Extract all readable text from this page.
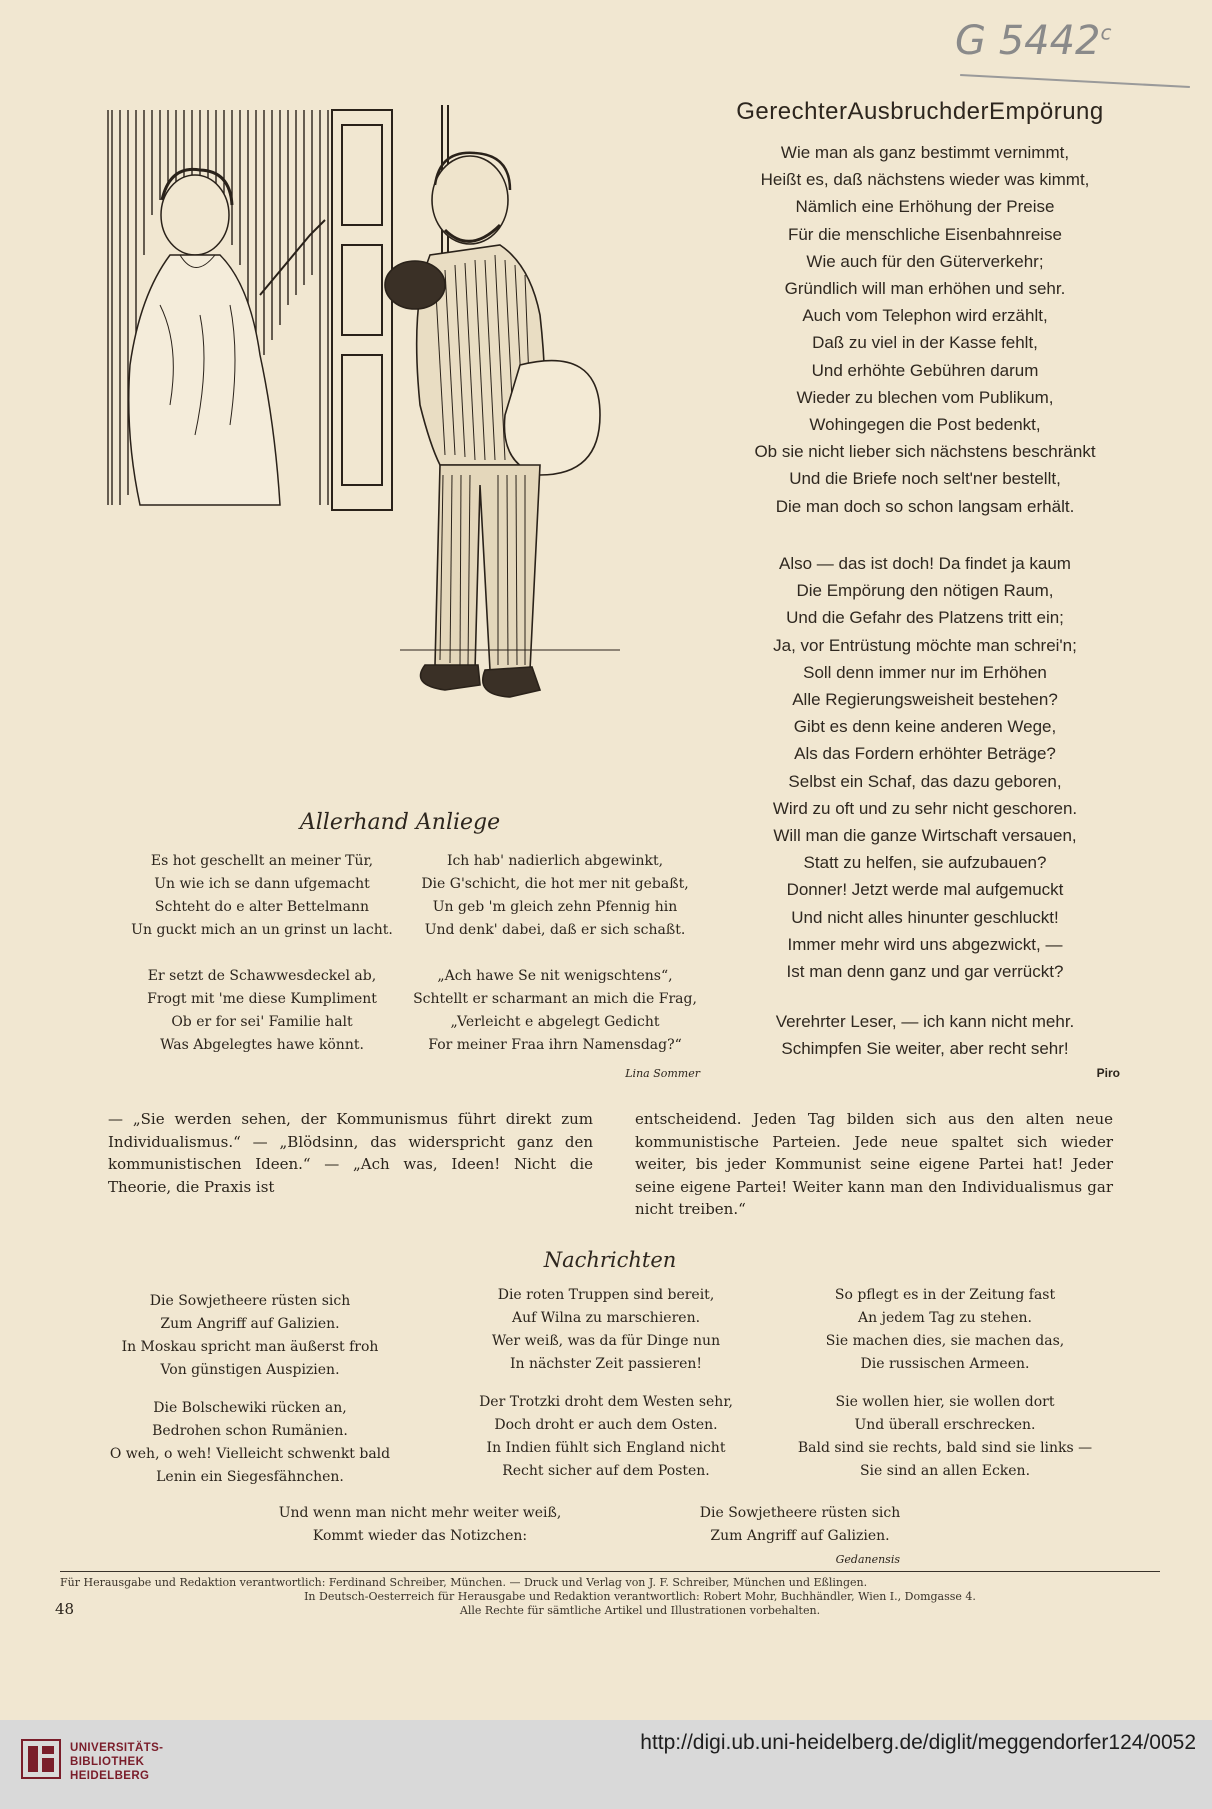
G 5442$^c$
GerechterAusbruchderEmpörung
Wie man als ganz bestimmt vernimmt,
Heißt es, daß nächstens wieder was kimmt,
Nämlich eine Erhöhung der Preise
Für die menschliche Eisenbahnreise
Wie auch für den Güterverkehr;
Gründlich will man erhöhen und sehr.
Auch vom Telephon wird erzählt,
Daß zu viel in der Kasse fehlt,
Und erhöhte Gebühren darum
Wieder zu blechen vom Publikum,
Wohingegen die Post bedenkt,
Ob sie nicht lieber sich nächstens beschränkt
Und die Briefe noch selt'ner bestellt,
Die man doch so schon langsam erhält.
Also — das ist doch! Da findet ja kaum
Die Empörung den nötigen Raum,
Und die Gefahr des Platzens tritt ein;
Ja, vor Entrüstung möchte man schrei'n;
Soll denn immer nur im Erhöhen
Alle Regierungsweisheit bestehen?
Gibt es denn keine anderen Wege,
Als das Fordern erhöhter Beträge?
Selbst ein Schaf, das dazu geboren,
Wird zu oft und zu sehr nicht geschoren.
Will man die ganze Wirtschaft versauen,
Statt zu helfen, sie aufzubauen?
Donner! Jetzt werde mal aufgemuckt
Und nicht alles hinunter geschluckt!
Immer mehr wird uns abgezwickt, —
Ist man denn ganz und gar verrückt?
Verehrter Leser, — ich kann nicht mehr.
Schimpfen Sie weiter, aber recht sehr!
Piro
Allerhand Anliege
Es hot geschellt an meiner Tür,
Un wie ich se dann ufgemacht
Schteht do e alter Bettelmann
Un guckt mich an un grinst un lacht.
Er setzt de Schawwesdeckel ab,
Frogt mit 'me diese Kumpliment
Ob er for sei' Familie halt
Was Abgelegtes hawe könnt.
Ich hab' nadierlich abgewinkt,
Die G'schicht, die hot mer nit gebaßt,
Un geb 'm gleich zehn Pfennig hin
Und denk' dabei, daß er sich schaßt.
„Ach hawe Se nit wenigschtens“,
Schtellt er scharmant an mich die Frag,
„Verleicht e abgelegt Gedicht
For meiner Fraa ihrn Namensdag?“
Lina Sommer
— „Sie werden sehen, der Kommunismus führt direkt zum Individualismus.“ — „Blödsinn, das widerspricht ganz den kommunistischen Ideen.“ — „Ach was, Ideen! Nicht die Theorie, die Praxis ist
entscheidend. Jeden Tag bilden sich aus den alten neue kommunistische Parteien. Jede neue spaltet sich wieder weiter, bis jeder Kommunist seine eigene Partei hat! Jeder seine eigene Partei! Weiter kann man den Individualismus gar nicht treiben.“
Nachrichten
Die Sowjetheere rüsten sich
Zum Angriff auf Galizien.
In Moskau spricht man äußerst froh
Von günstigen Auspizien.
Die Bolschewiki rücken an,
Bedrohen schon Rumänien.
O weh, o weh! Vielleicht schwenkt bald
Lenin ein Siegesfähnchen.
Die roten Truppen sind bereit,
Auf Wilna zu marschieren.
Wer weiß, was da für Dinge nun
In nächster Zeit passieren!
Der Trotzki droht dem Westen sehr,
Doch droht er auch dem Osten.
In Indien fühlt sich England nicht
Recht sicher auf dem Posten.
So pflegt es in der Zeitung fast
An jedem Tag zu stehen.
Sie machen dies, sie machen das,
Die russischen Armeen.
Sie wollen hier, sie wollen dort
Und überall erschrecken.
Bald sind sie rechts, bald sind sie links —
Sie sind an allen Ecken.
Und wenn man nicht mehr weiter weiß,
Kommt wieder das Notizchen:
Die Sowjetheere rüsten sich
Zum Angriff auf Galizien.
Gedanensis
Für Herausgabe und Redaktion verantwortlich: Ferdinand Schreiber, München. — Druck und Verlag von J. F. Schreiber, München und Eßlingen.
In Deutsch-Oesterreich für Herausgabe und Redaktion verantwortlich: Robert Mohr, Buchhändler, Wien I., Domgasse 4.
Alle Rechte für sämtliche Artikel und Illustrationen vorbehalten.
48
UNIVERSITÄTS-
BIBLIOTHEK
HEIDELBERG
http://digi.ub.uni-heidelberg.de/diglit/meggendorfer124/0052
